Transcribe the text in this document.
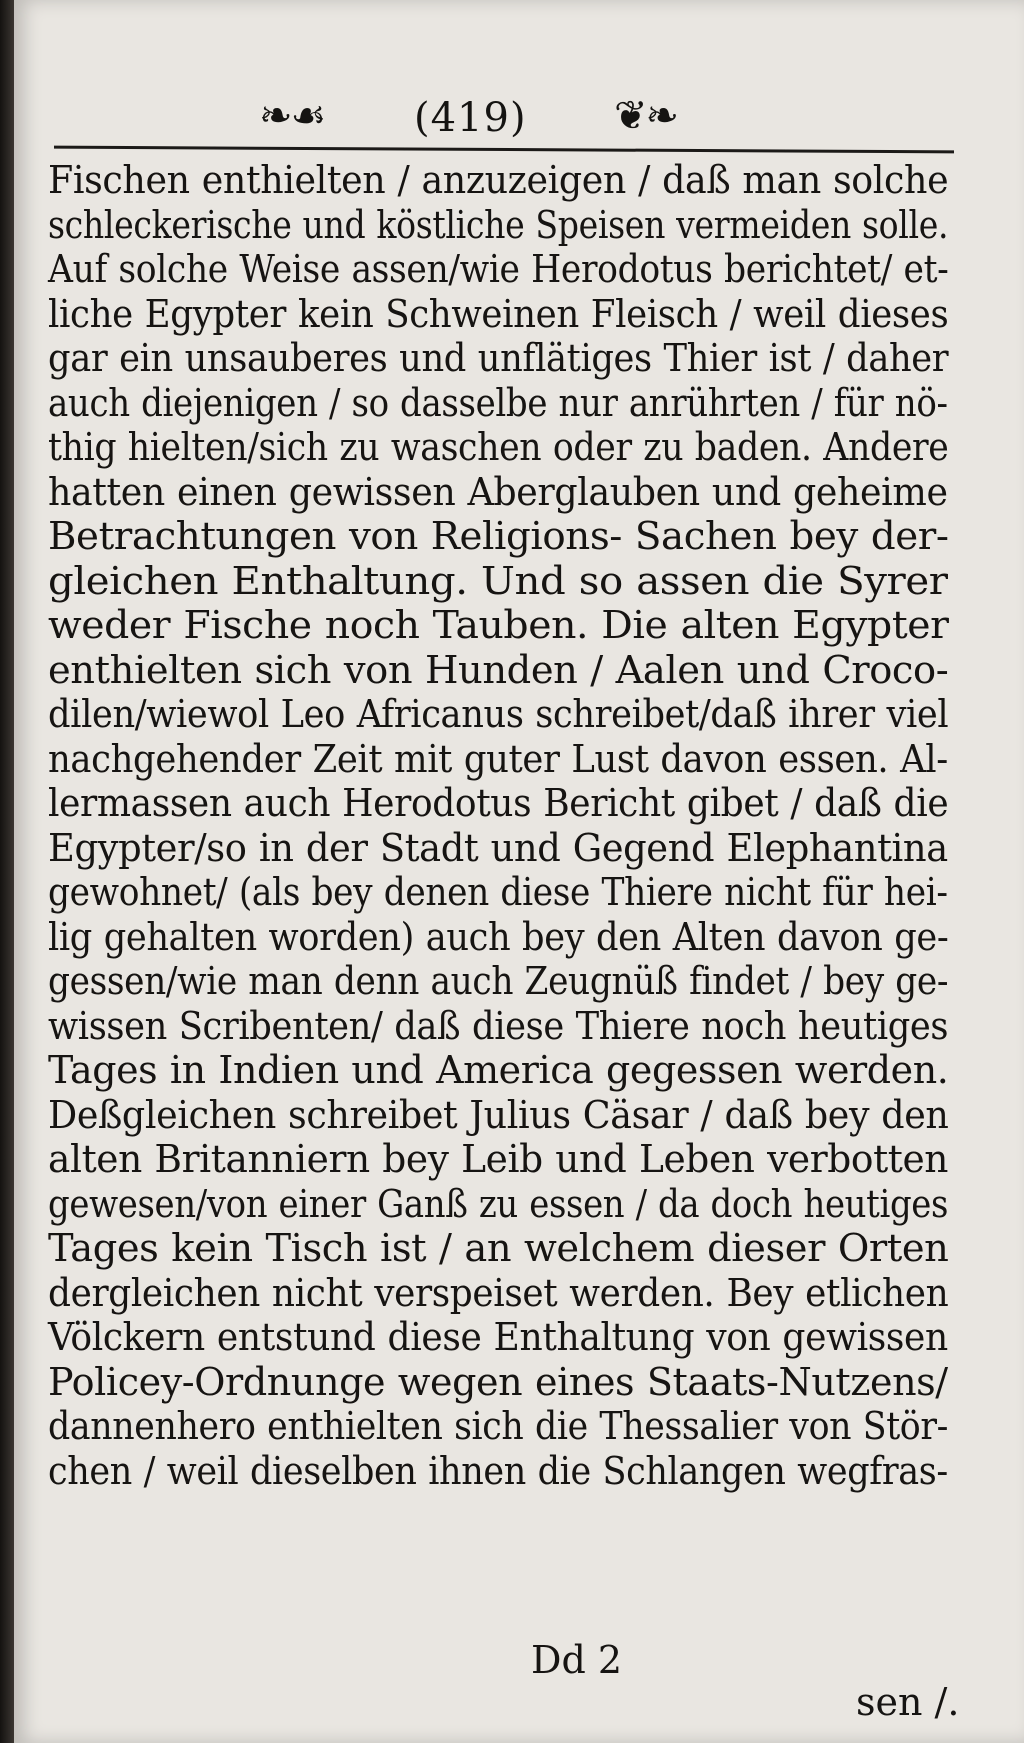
❧☙ (419) ❦❧
Fischen enthielten / anzuzeigen / daß man solche
schleckerische und köstliche Speisen vermeiden solle.
Auf solche Weise assen/wie Herodotus berichtet/ et-
liche Egypter kein Schweinen Fleisch / weil dieses
gar ein unsauberes und unflätiges Thier ist / daher
auch diejenigen / so dasselbe nur anrührten / für nö-
thig hielten/sich zu waschen oder zu baden. Andere
hatten einen gewissen Aberglauben und geheime
Betrachtungen von Religions- Sachen bey der-
gleichen Enthaltung. Und so assen die Syrer
weder Fische noch Tauben. Die alten Egypter
enthielten sich von Hunden / Aalen und Croco-
dilen/wiewol Leo Africanus schreibet/daß ihrer viel
nachgehender Zeit mit guter Lust davon essen. Al-
lermassen auch Herodotus Bericht gibet / daß die
Egypter/so in der Stadt und Gegend Elephantina
gewohnet/ (als bey denen diese Thiere nicht für hei-
lig gehalten worden) auch bey den Alten davon ge-
gessen/wie man denn auch Zeugnüß findet / bey ge-
wissen Scribenten/ daß diese Thiere noch heutiges
Tages in Indien und America gegessen werden.
Deßgleichen schreibet Julius Cäsar / daß bey den
alten Britanniern bey Leib und Leben verbotten
gewesen/von einer Ganß zu essen / da doch heutiges
Tages kein Tisch ist / an welchem dieser Orten
dergleichen nicht verspeiset werden. Bey etlichen
Völckern entstund diese Enthaltung von gewissen
Policey-Ordnunge wegen eines Staats-Nutzens/
dannenhero enthielten sich die Thessalier von Stör-
chen / weil dieselben ihnen die Schlangen wegfras-
Dd 2
sen /.
